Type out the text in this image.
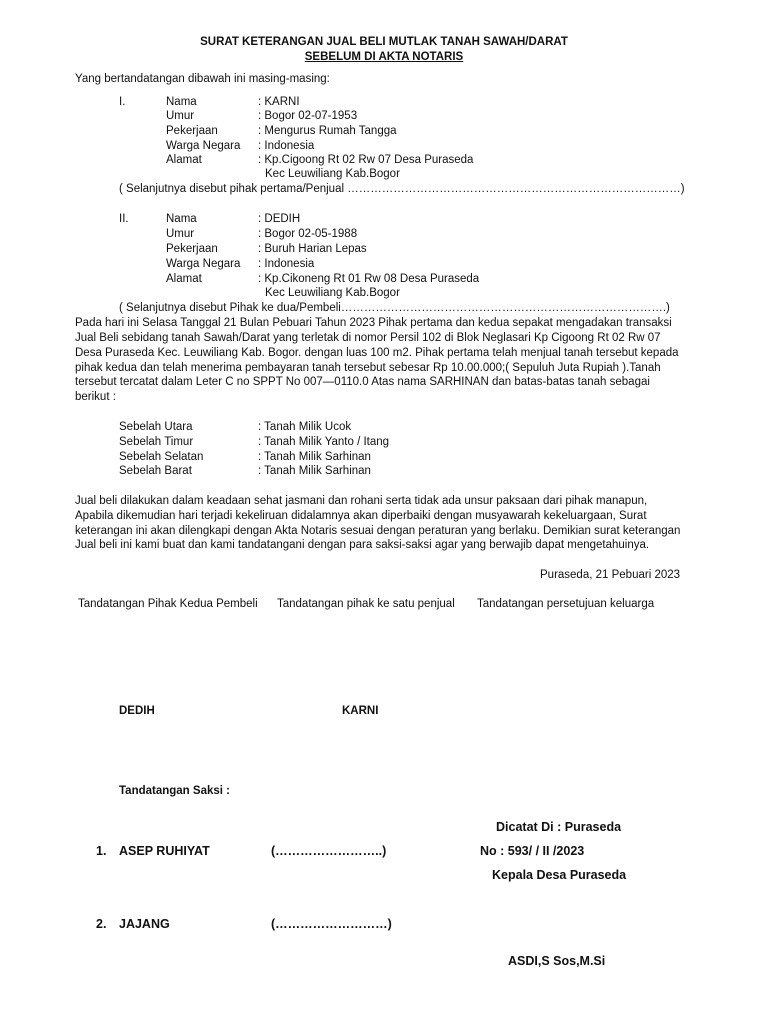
SURAT KETERANGAN JUAL BELI MUTLAK TANAH SAWAH/DARAT
SEBELUM DI AKTA NOTARIS
Yang bertandatangan dibawah ini masing-masing:
I.	Nama	: KARNI
Umur	: Bogor 02-07-1953
Pekerjaan	: Mengurus Rumah Tangga
Warga Negara : Indonesia
Alamat	: Kp.Cigoong Rt 02 Rw 07 Desa Puraseda
Kec Leuwiliang Kab.Bogor
( Selanjutnya disebut pihak pertama/Penjual ……………………………………………………………………………)
II.	Nama	: DEDIH
Umur	: Bogor 02-05-1988
Pekerjaan	: Buruh Harian Lepas
Warga Negara : Indonesia
Alamat	: Kp.Cikoneng Rt 01 Rw 08 Desa Puraseda
Kec Leuwiliang Kab.Bogor
( Selanjutnya disebut Pihak ke dua/Pembeli………………………………………………………………………….)
Pada hari ini Selasa Tanggal 21 Bulan Pebuari Tahun 2023 Pihak pertama dan kedua sepakat mengadakan transaksi
Jual Beli sebidang tanah Sawah/Darat yang terletak di nomor Persil 102 di Blok Neglasari Kp Cigoong Rt 02 Rw 07
Desa Puraseda Kec. Leuwiliang Kab. Bogor. dengan luas 100 m2. Pihak pertama telah menjual tanah tersebut kepada
pihak kedua dan telah menerima pembayaran tanah tersebut sebesar Rp 10.00.000;( Sepuluh Juta Rupiah ).Tanah
tersebut tercatat dalam Leter C no SPPT No 007—0110.0 Atas nama SARHINAN dan batas-batas tanah sebagai
berikut :
Sebelah Utara	: Tanah Milik Ucok
Sebelah Timur	: Tanah Milik Yanto / Itang
Sebelah Selatan	: Tanah Milik Sarhinan
Sebelah Barat	: Tanah Milik Sarhinan
Jual beli dilakukan dalam keadaan sehat jasmani dan rohani serta tidak ada unsur paksaan dari pihak manapun,
Apabila dikemudian hari terjadi kekeliruan didalamnya akan diperbaiki dengan musyawarah kekeluargaan, Surat
keterangan ini akan dilengkapi dengan Akta Notaris sesuai dengan peraturan yang berlaku. Demikian surat keterangan
Jual beli ini kami buat dan kami tandatangani dengan para saksi-saksi agar yang berwajib dapat mengetahuinya.
Puraseda, 21 Pebuari 2023
Tandatangan Pihak Kedua Pembeli Tandatangan pihak ke satu penjual Tandatangan persetujuan keluarga
DEDIH	KARNI
Tandatangan Saksi :
Dicatat Di : Puraseda
1. ASEP RUHIYAT	(……………………..)	No : 593/ / II /2023
Kepala Desa Puraseda
2. JAJANG	(………………………)
ASDI,S Sos,M.Si
